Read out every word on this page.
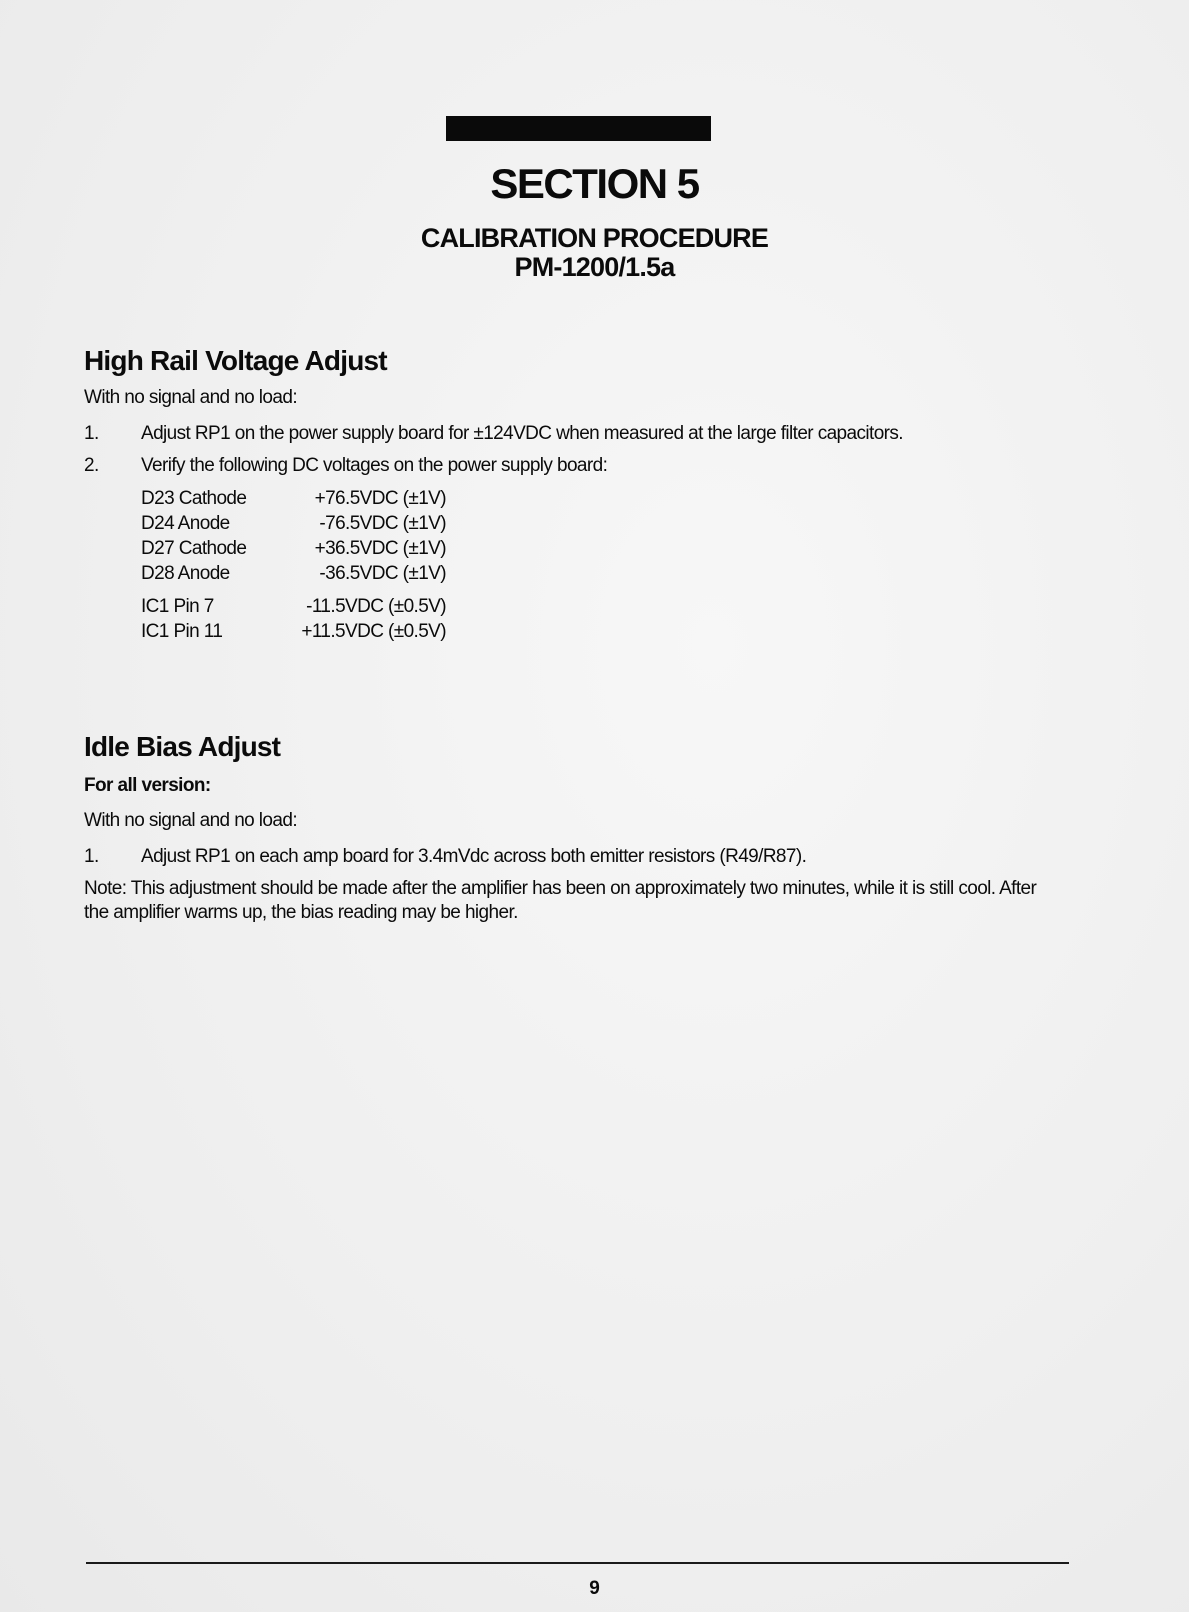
SECTION 5
CALIBRATION PROCEDURE
PM-1200/1.5a
High Rail Voltage Adjust
With no signal and no load:
1. Adjust RP1 on the power supply board for ±124VDC when measured at the large filter capacitors.
2. Verify the following DC voltages on the power supply board:
D23 Cathode	+76.5VDC (±1V)
D24 Anode	-76.5VDC (±1V)
D27 Cathode	+36.5VDC (±1V)
D28 Anode	-36.5VDC (±1V)
IC1 Pin 7	-11.5VDC (±0.5V)
IC1 Pin 11	+11.5VDC (±0.5V)
Idle Bias Adjust
For all version:
With no signal and no load:
1. Adjust RP1 on each amp board for 3.4mVdc across both emitter resistors (R49/R87).
Note: This adjustment should be made after the amplifier has been on approximately two minutes, while it is still cool. After the amplifier warms up, the bias reading may be higher.
9
